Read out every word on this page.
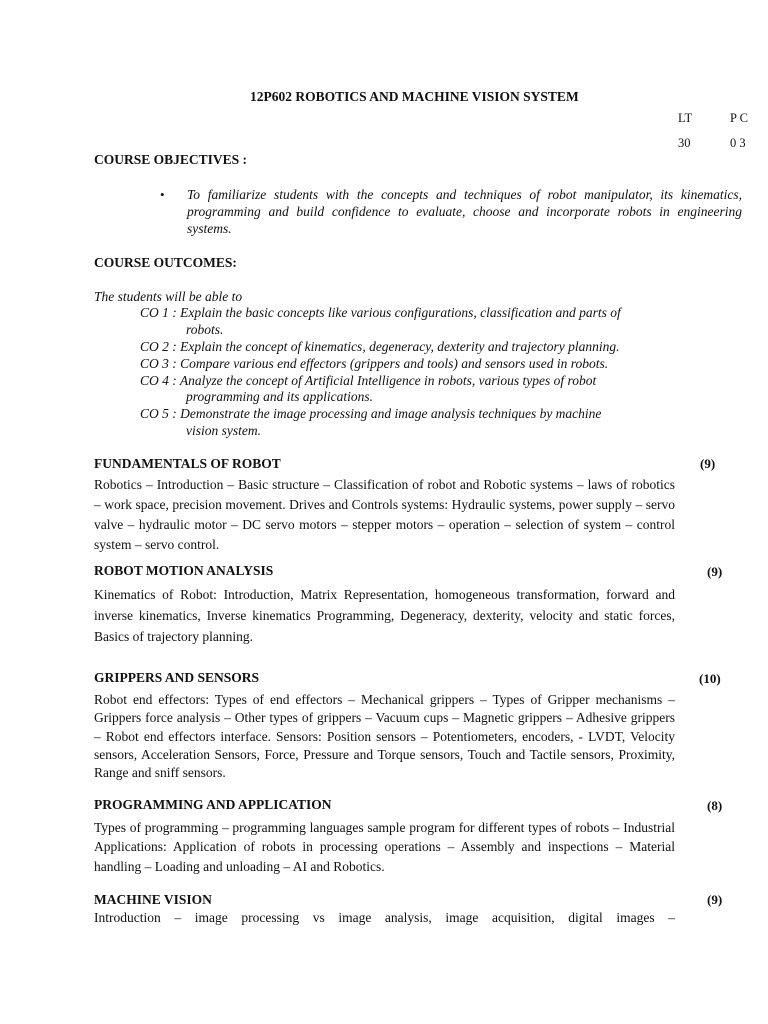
12P602 ROBOTICS AND MACHINE VISION SYSTEM
LT	P C
30	0 3
COURSE OBJECTIVES :
• To familiarize students with the concepts and techniques of robot manipulator, its kinematics, programming and build confidence to evaluate, choose and incorporate robots in engineering systems.
COURSE OUTCOMES:
The students will be able to
CO 1 : Explain the basic concepts like various configurations, classification and parts of
robots.
CO 2 : Explain the concept of kinematics, degeneracy, dexterity and trajectory planning.
CO 3 : Compare various end effectors (grippers and tools) and sensors used in robots.
CO 4 : Analyze the concept of Artificial Intelligence in robots, various types of robot
programming and its applications.
CO 5 : Demonstrate the image processing and image analysis techniques by machine
vision system.
FUNDAMENTALS OF ROBOT	(9)
Robotics – Introduction – Basic structure – Classification of robot and Robotic systems – laws of robotics – work space, precision movement. Drives and Controls systems: Hydraulic systems, power supply – servo valve – hydraulic motor – DC servo motors – stepper motors – operation – selection of system – control system – servo control.
ROBOT MOTION ANALYSIS	(9)
Kinematics of Robot: Introduction, Matrix Representation, homogeneous transformation, forward and inverse kinematics, Inverse kinematics Programming, Degeneracy, dexterity, velocity and static forces, Basics of trajectory planning.
GRIPPERS AND SENSORS	(10)
Robot end effectors: Types of end effectors – Mechanical grippers – Types of Gripper mechanisms – Grippers force analysis – Other types of grippers – Vacuum cups – Magnetic grippers – Adhesive grippers – Robot end effectors interface. Sensors: Position sensors – Potentiometers, encoders, - LVDT, Velocity sensors, Acceleration Sensors, Force, Pressure and Torque sensors, Touch and Tactile sensors, Proximity, Range and sniff sensors.
PROGRAMMING AND APPLICATION	(8)
Types of programming – programming languages sample program for different types of robots – Industrial Applications: Application of robots in processing operations – Assembly and inspections – Material handling – Loading and unloading – AI and Robotics.
MACHINE VISION	(9)
Introduction – image processing vs image analysis, image acquisition, digital images –
